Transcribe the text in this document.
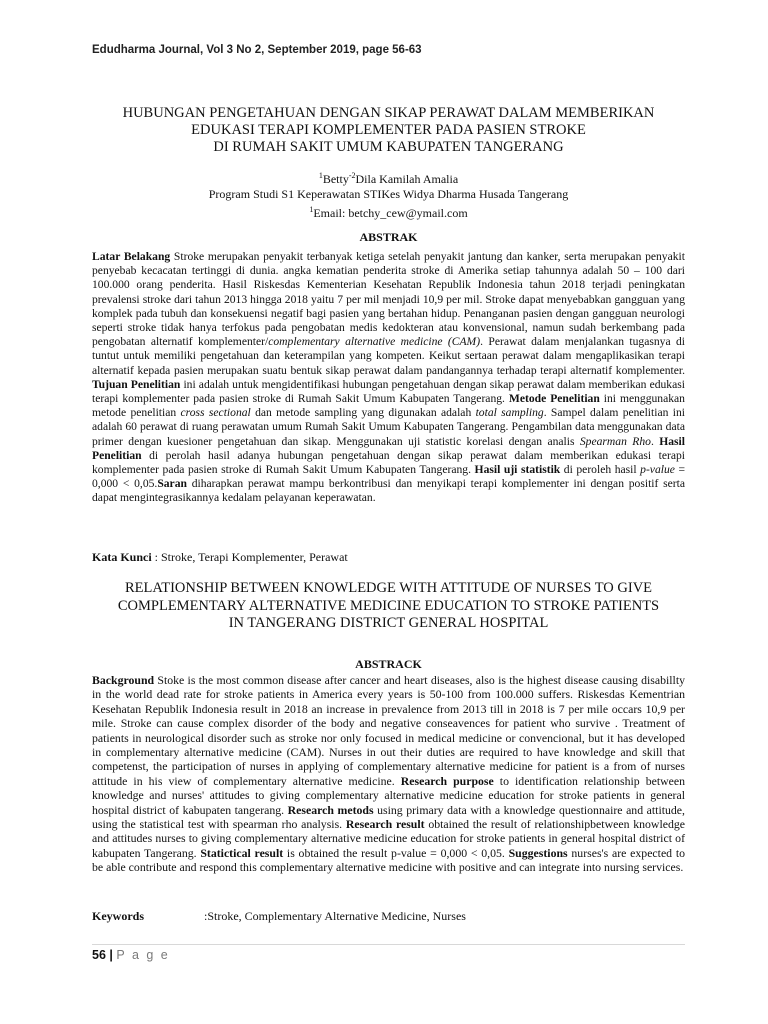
Edudharma Journal, Vol 3 No 2, September 2019, page 56-63
HUBUNGAN PENGETAHUAN DENGAN SIKAP PERAWAT DALAM MEMBERIKAN
EDUKASI TERAPI KOMPLEMENTER PADA PASIEN STROKE
DI RUMAH SAKIT UMUM KABUPATEN TANGERANG
$^1$Betty$^{-2}$Dila Kamilah Amalia
Program Studi S1 Keperawatan STIKes Widya Dharma Husada Tangerang
$^1$Email: betchy_cew@ymail.com
ABSTRAK

Latar Belakang Stroke merupakan penyakit terbanyak ketiga setelah penyakit jantung dan kanker, serta merupakan penyakit penyebab kecacatan tertinggi di dunia. angka kematian penderita stroke di Amerika setiap tahunnya adalah 50 – 100 dari 100.000 orang penderita. Hasil Riskesdas Kementerian Kesehatan Republik Indonesia tahun 2018 terjadi peningkatan prevalensi stroke dari tahun 2013 hingga 2018 yaitu 7 per mil menjadi 10,9 per mil. Stroke dapat menyebabkan gangguan yang komplek pada tubuh dan konsekuensi negatif bagi pasien yang bertahan hidup. Penanganan pasien dengan gangguan neurologi seperti stroke tidak hanya terfokus pada pengobatan medis kedokteran atau konvensional, namun sudah berkembang pada pengobatan alternatif komplementer/complementary alternative medicine (CAM). Perawat dalam menjalankan tugasnya di tuntut untuk memiliki pengetahuan dan keterampilan yang kompeten. Keikut sertaan perawat dalam mengaplikasikan terapi alternatif kepada pasien merupakan suatu bentuk sikap perawat dalam pandangannya terhadap terapi alternatif komplementer. Tujuan Penelitian ini adalah untuk mengidentifikasi hubungan pengetahuan dengan sikap perawat dalam memberikan edukasi terapi komplementer pada pasien stroke di Rumah Sakit Umum Kabupaten Tangerang. Metode Penelitian ini menggunakan metode penelitian cross sectional dan metode sampling yang digunakan adalah total sampling. Sampel dalam penelitian ini adalah 60 perawat di ruang perawatan umum Rumah Sakit Umum Kabupaten Tangerang. Pengambilan data menggunakan data primer dengan kuesioner pengetahuan dan sikap. Menggunakan uji statistic korelasi dengan analis Spearman Rho. Hasil Penelitian di perolah hasil adanya hubungan pengetahuan dengan sikap perawat dalam memberikan edukasi terapi komplementer pada pasien stroke di Rumah Sakit Umum Kabupaten Tangerang. Hasil uji statistik di peroleh hasil p-value = 0,000 < 0,05.Saran diharapkan perawat mampu berkontribusi dan menyikapi terapi komplementer ini dengan positif serta dapat mengintegrasikannya kedalam pelayanan keperawatan.

Kata Kunci : Stroke, Terapi Komplementer, Perawat
RELATIONSHIP BETWEEN KNOWLEDGE WITH ATTITUDE OF NURSES TO GIVE
COMPLEMENTARY ALTERNATIVE MEDICINE EDUCATION TO STROKE PATIENTS
IN TANGERANG DISTRICT GENERAL HOSPITAL
ABSTRACK

Background Stoke is the most common disease after cancer and heart diseases, also is the highest disease causing disabillty in the world dead rate for stroke patients in America every years is 50-100 from 100.000 suffers. Riskesdas Kementrian Kesehatan Republik Indonesia result in 2018 an increase in prevalence from 2013 till in 2018 is 7 per mile occars 10,9 per mile. Stroke can cause complex disorder of the body and negative conseavences for patient who survive . Treatment of patients in neurological disorder such as stroke nor only focused in medical medicine or convencional, but it has developed in complementary alternative medicine (CAM). Nurses in out their duties are required to have knowledge and skill that competenst, the participation of nurses in applying of complementary alternative medicine for patient is a from of nurses attitude in his view of complementary alternative medicine. Research purpose to identification relationship between knowledge and nurses' attitudes to giving complementary alternative medicine education for stroke patients in general hospital district of kabupaten tangerang. Research metods using primary data with a knowledge questionnaire and attitude, using the statistical test with spearman rho analysis. Research result obtained the result of relationshipbetween knowledge and attitudes nurses to giving complementary alternative medicine education for stroke patients in general hospital district of kabupaten Tangerang. Statictical result is obtained the result p-value = 0,000 < 0,05. Suggestions nurses's are expected to be able contribute and respond this complementary alternative medicine with positive and can integrate into nursing services.

Keywords	:Stroke, Complementary Alternative Medicine, Nurses
56 | P a g e
